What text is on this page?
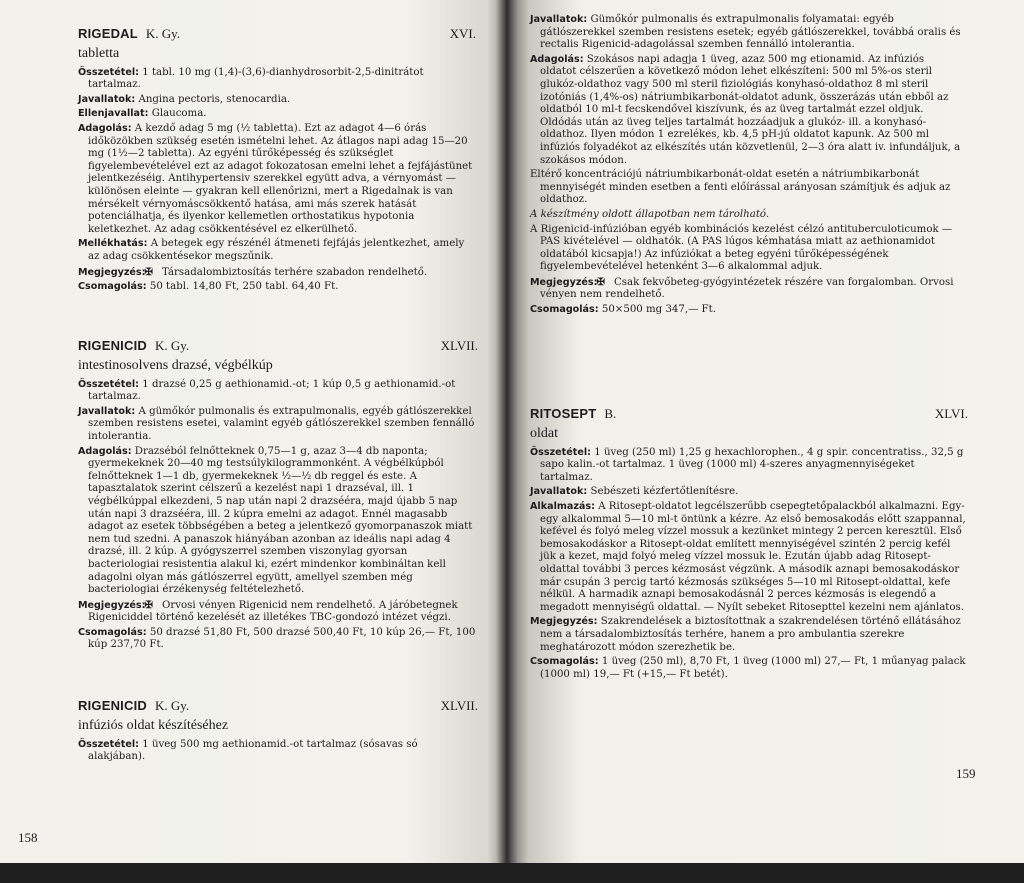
RIGEDAL K. Gy.	XVI.
tabletta

Összetétel: 1 tabl. 10 mg (1,4)-(3,6)-dianhydrosorbit-2,5-dinitrátot tartalmaz.

Javallatok: Angina pectoris, stenocardia.

Ellenjavallat: Glaucoma.

Adagolás: A kezdő adag 5 mg (½ tabletta). Ezt az adagot 4—6 órás időközökben szükség esetén ismételni lehet. Az átlagos napi adag 15—20 mg (1½—2 tabletta). Az egyéni tűrőképesség és szükséglet figyelembevételével ezt az adagot fokozatosan emelni lehet a fejfájástünet jelentkezéséig. Antihypertensiv szerekkel együtt adva, a vérnyomást — különösen eleinte — gyakran kell ellenőrizni, mert a Rigedalnak is van mérsékelt vérnyomáscsökkentő hatása, ami más szerek hatását potenciálhatja, és ilyenkor kellemetlen orthostatikus hypotonia keletkezhet. Az adag csökkentésével ez elkerülhető.

Mellékhatás: A betegek egy részénél átmeneti fejfájás jelentkezhet, amely az adag csökkentésekor megszűnik.

Megjegyzés: ✠ Társadalombiztosítás terhére szabadon rendelhető.

Csomagolás: 50 tabl. 14,80 Ft, 250 tabl. 64,40 Ft.

RIGENICID K. Gy.	XLVII.
intestinosolvens drazsé, végbélkúp

Összetétel: 1 drazsé 0,25 g aethionamid.-ot; 1 kúp 0,5 g aethionamid.-ot tartalmaz.

Javallatok: A gümőkór pulmonalis és extrapulmonalis, egyéb gátlószerekkel szemben resistens esetei, valamint egyéb gátlószerekkel szemben fennálló intolerantia.

Adagolás: Drazséból felnőtteknek 0,75—1 g, azaz 3—4 db naponta; gyermekeknek 20—40 mg testsúlykilogrammonként. A végbélkúpból felnőtteknek 1—1 db, gyermekeknek ½—½ db reggel és este. A tapasztalatok szerint célszerű a kezelést napi 1 drazséval, ill. 1 végbélkúppal elkezdeni, 5 nap után napi 2 drazsééra, majd újabb 5 nap után napi 3 drazsééra, ill. 2 kúpra emelni az adagot. Ennél magasabb adagot az esetek többségében a beteg a jelentkező gyomorpanaszok miatt nem tud szedni. A panaszok hiányában azonban az ideális napi adag 4 drazsé, ill. 2 kúp. A gyógyszerrel szemben viszonylag gyorsan bacteriologiai resistentia alakul ki, ezért mindenkor kombináltan kell adagolni olyan más gátlószerrel együtt, amellyel szemben még bacteriologiai érzékenység feltételezhető.

Megjegyzés: ✠ Orvosi vényen Rigenicid nem rendelhető. A járóbetegnek Rigeniciddel történő kezelését az illetékes TBC-gondozó intézet végzi.

Csomagolás: 50 drazsé 51,80 Ft, 500 drazsé 500,40 Ft, 10 kúp 26,— Ft, 100 kúp 237,70 Ft.

RIGENICID K. Gy.	XLVII.
infúziós oldat készítéséhez

Összetétel: 1 üveg 500 mg aethionamid.-ot tartalmaz (sósavas só alakjában).

158

Javallatok: Gümőkór pulmonalis és extrapulmonalis folyamatai: egyéb gátlószerekkel szemben resistens esetek; egyéb gátlószerekkel, továbbá oralis és rectalis Rigenicid-adagolással szemben fennálló intolerantia.

Adagolás: Szokásos napi adagja 1 üveg, azaz 500 mg etionamid. Az infúziós oldatot célszerűen a következő módon lehet elkészíteni: 500 ml 5%-os steril glukóz-oldathoz vagy 500 ml steril fiziológiás konyhasó-oldathoz 8 ml steril izotóniás (1,4%-os) nátriumbikarbonát-oldatot adunk, összerázás után ebből az oldatból 10 ml-t fecskendővel kiszívunk, és az üveg tartalmát ezzel oldjuk. Oldódás után az üveg teljes tartalmát hozzáadjuk a glukóz- ill. a konyhasó-oldathoz. Ilyen módon 1 ezrelékes, kb. 4,5 pH-jú oldatot kapunk. Az 500 ml infúziós folyadékot az elkészítés után közvetlenül, 2—3 óra alatt iv. infundáljuk, a szokásos módon.

Eltérő koncentrációjú nátriumbikarbonát-oldat esetén a nátriumbikarbonát mennyiségét minden esetben a fenti előírással arányosan számítjuk és adjuk az oldathoz.

A készítmény oldott állapotban nem tárolható.

A Rigenicid-infúzióban egyéb kombinációs kezelést célzó antituberculoticumok — PAS kivételével — oldhatók. (A PAS lúgos kémhatása miatt az aethionamidot oldatából kicsapja!) Az infúziókat a beteg egyéni tűrőképességének figyelembevételével hetenként 3—6 alkalommal adjuk.

Megjegyzés: ✠ Csak fekvőbeteg-gyógyintézetek részére van forgalomban. Orvosi vényen nem rendelhető.

Csomagolás: 50×500 mg 347,— Ft.

RITOSEPT B.	XLVI.
oldat

Összetétel: 1 üveg (250 ml) 1,25 g hexachlorophen., 4 g spir. concentratiss., 32,5 g sapo kalin.-ot tartalmaz. 1 üveg (1000 ml) 4-szeres anyagmennyiségeket tartalmaz.

Javallatok: Sebészeti kézfertőtlenítésre.

Alkalmazás: A Ritosept-oldatot legcélszerűbb csepegtetőpalackból alkalmazni. Egy-egy alkalommal 5—10 ml-t öntünk a kézre. Az első bemosakodás előtt szappannal, kefével és folyó meleg vízzel mossuk a kezünket mintegy 2 percen keresztül. Első bemosakodáskor a Ritosept-oldat említett mennyiségével szintén 2 percig kefél jük a kezet, majd folyó meleg vízzel mossuk le. Ezután újabb adag Ritosept-oldattal további 3 perces kézmosást végzünk. A második aznapi bemosakodáskor már csupán 3 percig tartó kézmosás szükséges 5—10 ml Ritosept-oldattal, kefe nélkül. A harmadik aznapi bemosakodásnál 2 perces kézmosás is elegendő a megadott mennyiségű oldattal. — Nyílt sebeket Ritosepttel kezelni nem ajánlatos.

Megjegyzés: Szakrendelések a biztosítottnak a szakrendelésen történő ellátásához nem a társadalombiztosítás terhére, hanem a pro ambulantia szerekre meghatározott módon szerezhetik be.

Csomagolás: 1 üveg (250 ml), 8,70 Ft, 1 üveg (1000 ml) 27,— Ft, 1 műanyag palack (1000 ml) 19,— Ft (+15,— Ft betét).

159
